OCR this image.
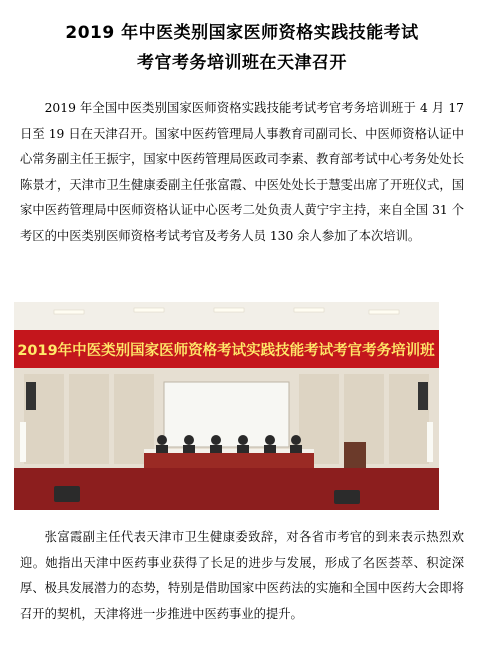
2019 年中医类别国家医师资格实践技能考试
考官考务培训班在天津召开
2019 年全国中医类别国家医师资格实践技能考试考官考务培训班于 4 月 17 日至 19 日在天津召开。国家中医药管理局人事教育司副司长、中医师资格认证中心常务副主任王振宇，国家中医药管理局医政司李素、教育部考试中心考务处处长陈景才，天津市卫生健康委副主任张富霞、中医处处长于慧雯出席了开班仪式，国家中医药管理局中医师资格认证中心医考二处负责人黄宁宇主持，来自全国 31 个考区的中医类别医师资格考试考官及考务人员 130 余人参加了本次培训。
2019年中医类别国家医师资格考试实践技能考试考官考务培训班
张富霞副主任代表天津市卫生健康委致辞，对各省市考官的到来表示热烈欢迎。她指出天津中医药事业获得了长足的进步与发展，形成了名医荟萃、积淀深厚、极具发展潜力的态势，特别是借助国家中医药法的实施和全国中医药大会即将召开的契机，天津将进一步推进中医药事业的提升。
